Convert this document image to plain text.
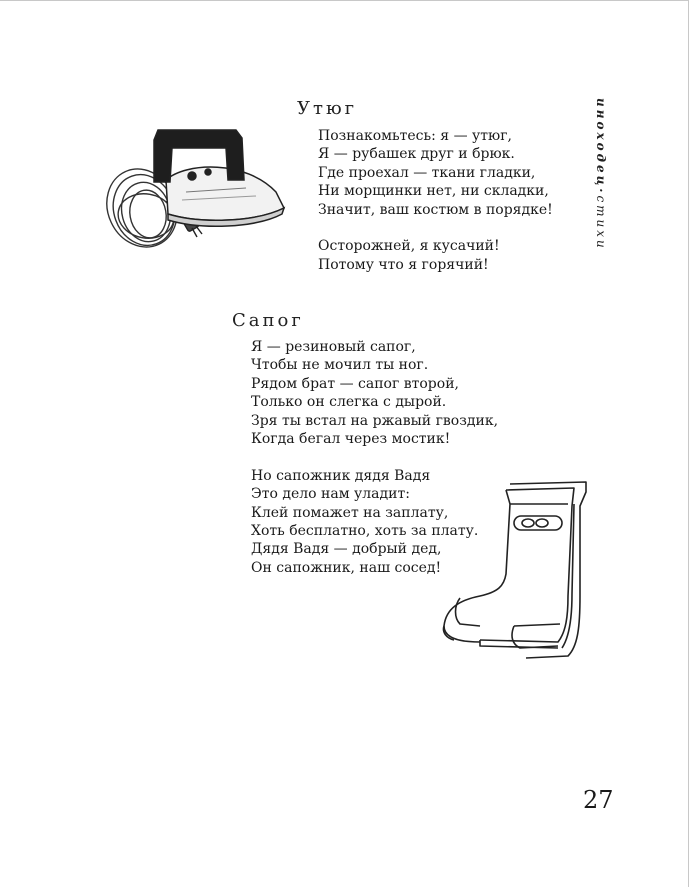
Утюг
Познакомьтесь: я — утюг,
Я — рубашек друг и брюк.
Где проехал — ткани гладки,
Ни морщинки нет, ни складки,
Значит, ваш костюм в порядке!
Осторожней, я кусачий!
Потому что я горячий!
иноходец·стихи
Сапог
Я — резиновый сапог,
Чтобы не мочил ты ног.
Рядом брат — сапог второй,
Только он слегка с дырой.
Зря ты встал на ржавый гвоздик,
Когда бегал через мостик!
Но сапожник дядя Вадя
Это дело нам уладит:
Клей помажет на заплату,
Хоть бесплатно, хоть за плату.
Дядя Вадя — добрый дед,
Он сапожник, наш сосед!
27
